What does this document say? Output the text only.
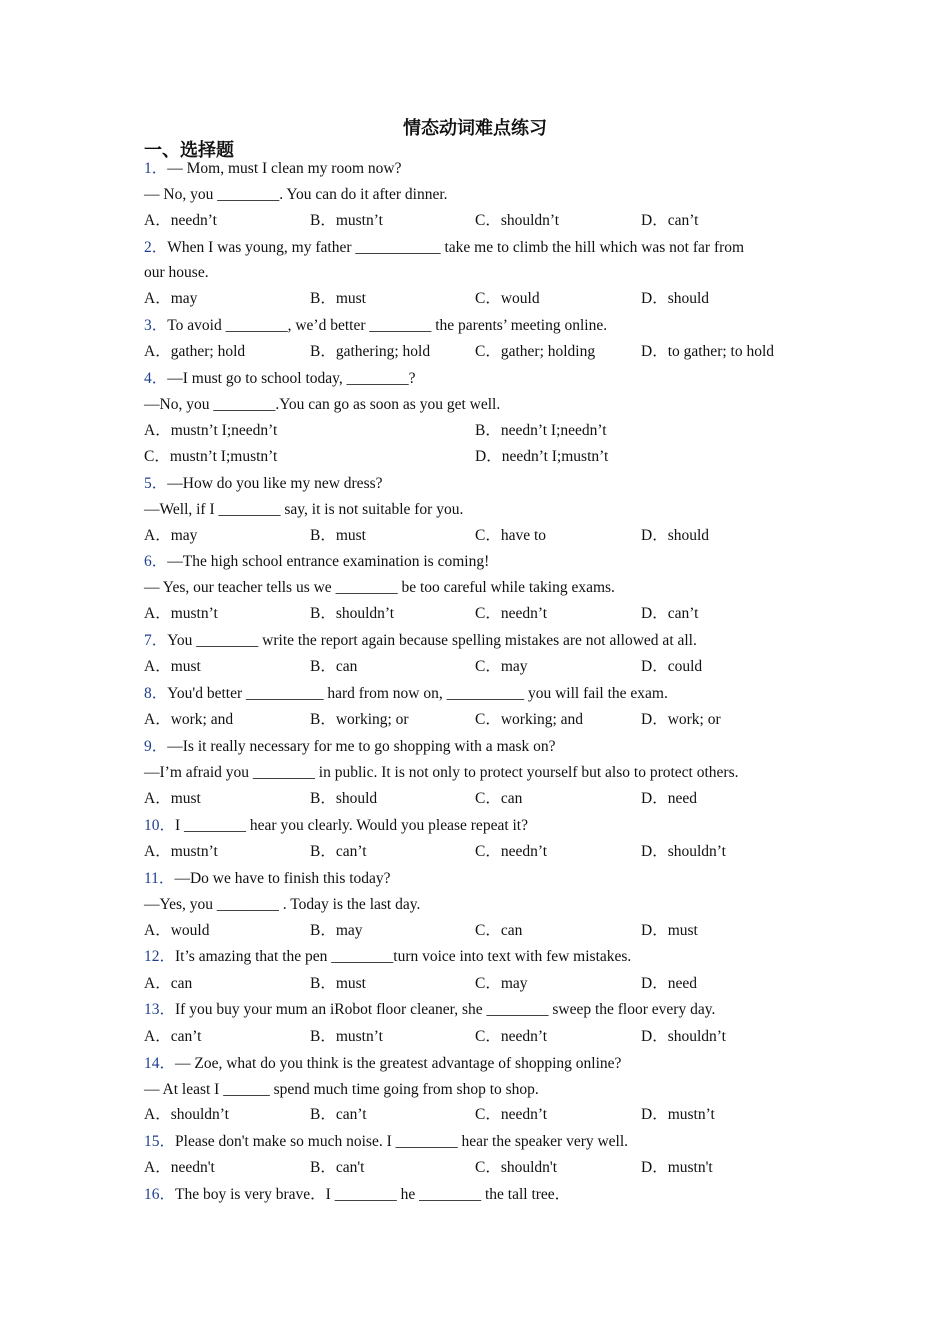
情态动词难点练习
一、选择题
1．— Mom, must I clean my room now?
— No, you ________. You can do it after dinner.
A．needn’t	B．mustn’t	C．shouldn’t	D．can’t
2．When I was young, my father ___________ take me to climb the hill which was not far from
our house.
A．may	B．must	C．would	D．should
3．To avoid ________, we’d better ________ the parents’ meeting online.
A．gather; hold	B．gathering; hold	C．gather; holding	D．to gather; to hold
4．—I must go to school today, ________?
—No, you ________.You can go as soon as you get well.
A．mustn’t I;needn’t	B．needn’t I;needn’t
C．mustn’t I;mustn’t	D．needn’t I;mustn’t
5．—How do you like my new dress?
—Well, if I ________ say, it is not suitable for you.
A．may	B．must	C．have to	D．should
6．—The high school entrance examination is coming!
— Yes, our teacher tells us we ________ be too careful while taking exams.
A．mustn’t	B．shouldn’t	C．needn’t	D．can’t
7．You ________ write the report again because spelling mistakes are not allowed at all.
A．must	B．can	C．may	D．could
8．You'd better __________ hard from now on, __________ you will fail the exam.
A．work; and	B．working; or	C．working; and	D．work; or
9．—Is it really necessary for me to go shopping with a mask on?
—I’m afraid you ________ in public. It is not only to protect yourself but also to protect others.
A．must	B．should	C．can	D．need
10．I ________ hear you clearly. Would you please repeat it?
A．mustn’t	B．can’t	C．needn’t	D．shouldn’t
11．—Do we have to finish this today?
—Yes, you ________ . Today is the last day.
A．would	B．may	C．can	D．must
12．It’s amazing that the pen ________turn voice into text with few mistakes.
A．can	B．must	C．may	D．need
13．If you buy your mum an iRobot floor cleaner, she ________ sweep the floor every day.
A．can’t	B．mustn’t	C．needn’t	D．shouldn’t
14．— Zoe, what do you think is the greatest advantage of shopping online?
— At least I ______ spend much time going from shop to shop.
A．shouldn’t	B．can’t	C．needn’t	D．mustn’t
15．Please don't make so much noise. I ________ hear the speaker very well.
A．needn't	B．can't	C．shouldn't	D．mustn't
16．The boy is very brave．I ________ he ________ the tall tree．
